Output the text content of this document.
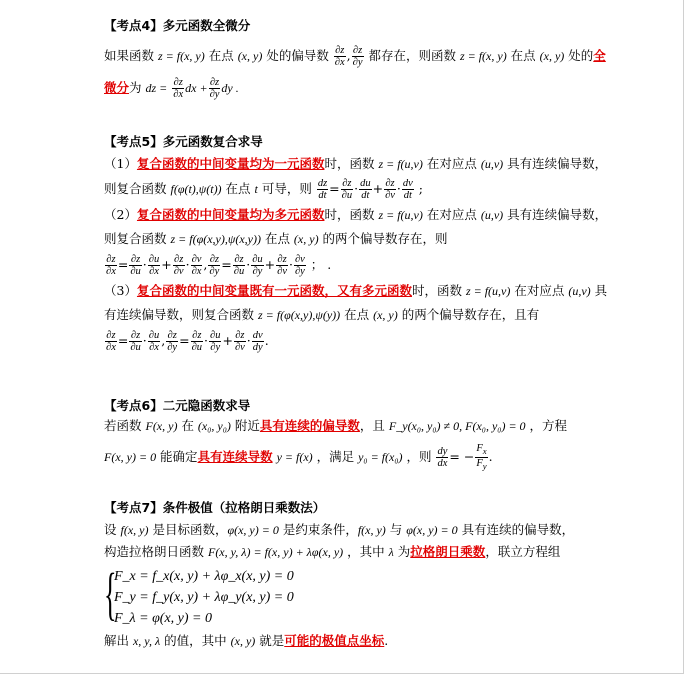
【考点4】多元函数全微分
如果函数 z = f(x, y) 在点 (x, y) 处的偏导数 $\frac{\partial z}{\partial x}$ , $\frac{\partial z}{\partial y}$ 都存在，则函数 z = f(x, y) 在点 (x, y) 处的全
微分为 dz = $\frac{\partial z}{\partial x}$ dx + $\frac{\partial z}{\partial y}$ dy .
【考点5】多元函数复合求导
（1）复合函数的中间变量均为一元函数时，函数 z = f(u,v) 在对应点 (u,v) 具有连续偏导数，
则复合函数 f(φ(t),ψ(t)) 在点 t 可导，则 $\frac{dz}{dt} = \frac{\partial z}{\partial u} \cdot \frac{du}{dt} + \frac{\partial z}{\partial v} \cdot \frac{dv}{dt}$ ;
（2）复合函数的中间变量均为多元函数时，函数 z = f(u,v) 在对应点 (u,v) 具有连续偏导数，
则复合函数 z = f(φ(x,y),ψ(x,y)) 在点 (x, y) 的两个偏导数存在，则
$\frac{\partial z}{\partial x} = \frac{\partial z}{\partial u} \cdot \frac{\partial u}{\partial x} + \frac{\partial z}{\partial v} \cdot \frac{\partial v}{\partial x}$ , $\frac{\partial z}{\partial y} = \frac{\partial z}{\partial u} \cdot \frac{\partial u}{\partial y} + \frac{\partial z}{\partial v} \cdot \frac{\partial v}{\partial y}$ ； .
（3）复合函数的中间变量既有一元函数，又有多元函数时，函数 z = f(u,v) 在对应点 (u,v) 具
有连续偏导数，则复合函数 z = f(φ(x,y),ψ(y)) 在点 (x, y) 的两个偏导数存在，且有
$\frac{\partial z}{\partial x} = \frac{\partial z}{\partial u} \cdot \frac{\partial u}{\partial x}$ , $\frac{\partial z}{\partial y} = \frac{\partial z}{\partial u} \cdot \frac{\partial u}{\partial y} + \frac{\partial z}{\partial v} \cdot \frac{dv}{dy}$ .
【考点6】二元隐函数求导
若函数 F(x, y) 在 (x₀, y₀) 附近具有连续的偏导数，且 F_y(x₀, y₀) ≠ 0, F(x₀, y₀) = 0 ，方程
F(x, y) = 0 能确定具有连续导数 y = f(x) ，满足 y₀ = f(x₀) ，则 $\frac{dy}{dx}$ = − $\frac{F_x}{F_y}$ .
【考点7】条件极值（拉格朗日乘数法）
设 f(x, y) 是目标函数，φ(x, y) = 0 是约束条件，f(x, y) 与 φ(x, y) = 0 具有连续的偏导数，
构造拉格朗日函数 F(x, y, λ) = f(x, y) + λφ(x, y) ，其中 λ 为拉格朗日乘数，联立方程组
{
F_x = f_x(x, y) + λφ_x(x, y) = 0
F_y = f_y(x, y) + λφ_y(x, y) = 0
F_λ = φ(x, y) = 0
解出 x, y, λ 的值，其中 (x, y) 就是可能的极值点坐标.
